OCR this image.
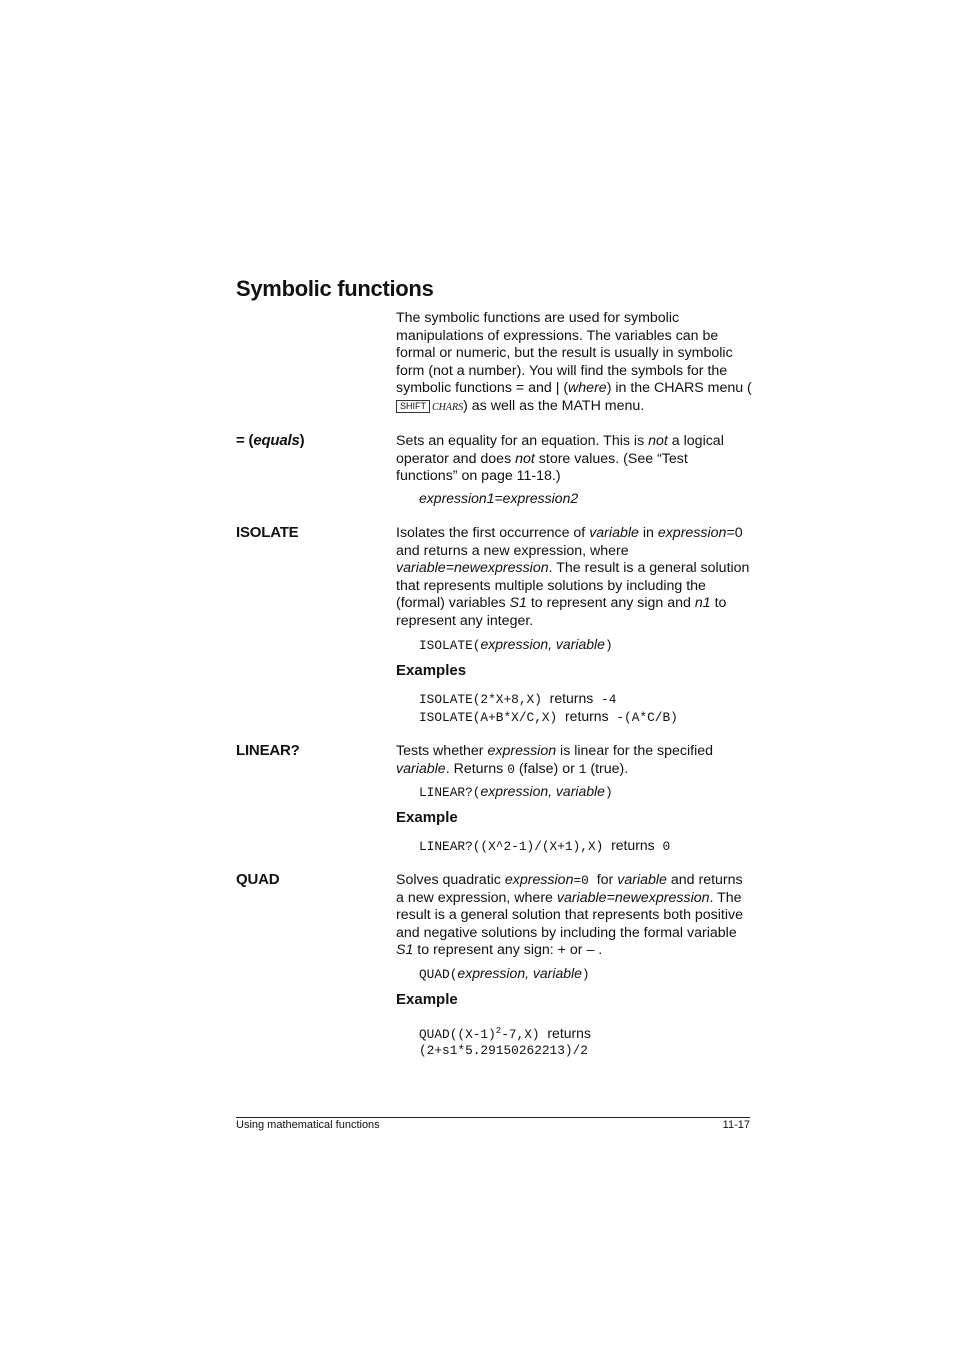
Symbolic functions
The symbolic functions are used for symbolic manipulations of expressions. The variables can be formal or numeric, but the result is usually in symbolic form (not a number). You will find the symbols for the symbolic functions = and | (where) in the CHARS menu (SHIFT CHARS) as well as the MATH menu.
= (equals)	Sets an equality for an equation. This is not a logical operator and does not store values. (See “Test functions” on page 11-18.)
expression1=expression2
ISOLATE	Isolates the first occurrence of variable in expression=0 and returns a new expression, where variable=newexpression. The result is a general solution that represents multiple solutions by including the (formal) variables S1 to represent any sign and n1 to represent any integer.
ISOLATE(expression, variable)
Examples
ISOLATE(2*X+8,X) returns -4
ISOLATE(A+B*X/C,X) returns -(A*C/B)
LINEAR?	Tests whether expression is linear for the specified variable. Returns 0 (false) or 1 (true).
LINEAR?(expression, variable)
Example
LINEAR?((X^2-1)/(X+1),X) returns 0
QUAD	Solves quadratic expression=0  for variable and returns a new expression, where variable=newexpression. The result is a general solution that represents both positive and negative solutions by including the formal variable S1 to represent any sign: + or – .
QUAD(expression, variable)
Example
$QUAD((X-1)^2-7,X)$ returns
(2+s1*5.29150262213)/2
Using mathematical functions	11-17
